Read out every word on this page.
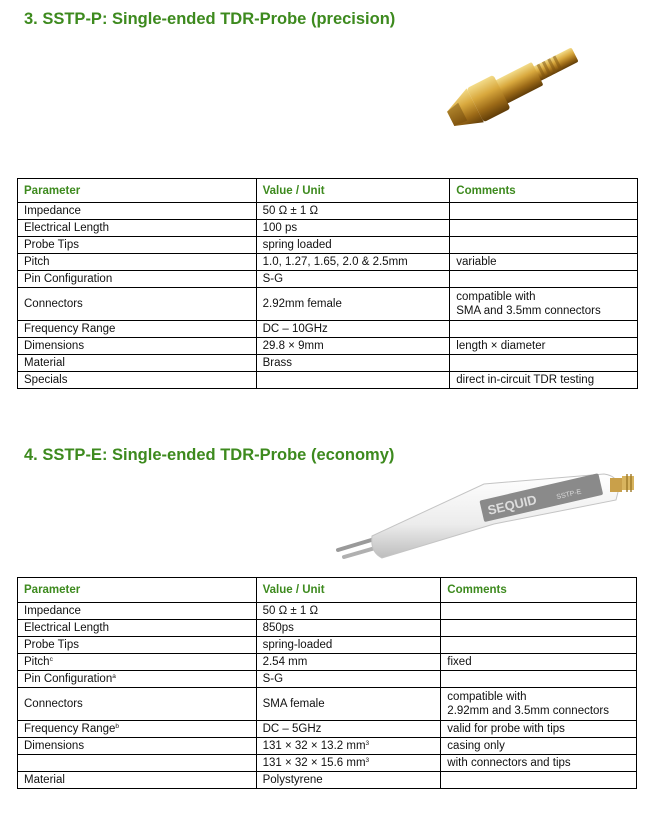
3. SSTP-P: Single-ended TDR-Probe (precision)
Parameter	Value / Unit	Comments
Impedance	50 Ω ± 1 Ω	
Electrical Length	100 ps	
Probe Tips	spring loaded	
Pitch	1.0, 1.27, 1.65, 2.0 & 2.5mm	variable
Pin Configuration	S-G	
Connectors	2.92mm female	compatible with
SMA and 3.5mm connectors

Frequency Range	DC – 10GHz	
Dimensions	29.8 × 9mm	length × diameter
Material	Brass	
Specials		direct in-circuit TDR testing
4. SSTP-E: Single-ended TDR-Probe (economy)
SEQUID	SSTP-E
Parameter	Value / Unit	Comments
Impedance	50 Ω ± 1 Ω	
Electrical Length	850ps	
Probe Tips	spring-loaded	
Pitch$^c$	2.54 mm	fixed
Pin Configuration$^a$	S-G	
Connectors	SMA female	compatible with
2.92mm and 3.5mm connectors

Frequency Range$^b$	DC – 5GHz	valid for probe with tips
Dimensions	131 × 32 × 13.2 $mm^3$	casing only
	131 × 32 × 15.6 $mm^3$	with connectors and tips
Material	Polystyrene	
